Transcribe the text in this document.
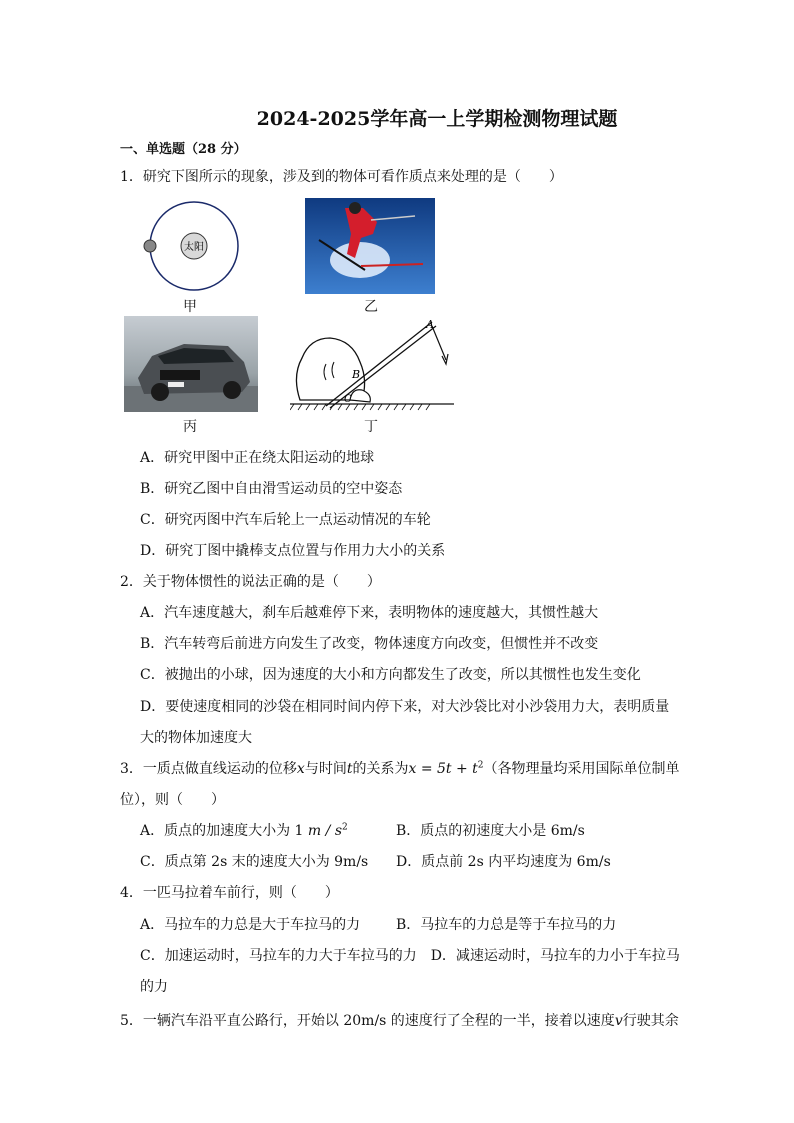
2024-2025学年高一上学期检测物理试题
一、单选题（28 分）
1．研究下图所示的现象，涉及到的物体可看作质点来处理的是（　　）
太阳
甲	乙
丙
A
B
C
丁
A．研究甲图中正在绕太阳运动的地球
B．研究乙图中自由滑雪运动员的空中姿态
C．研究丙图中汽车后轮上一点运动情况的车轮
D．研究丁图中撬棒支点位置与作用力大小的关系
2．关于物体惯性的说法正确的是（　　）
A．汽车速度越大，刹车后越难停下来，表明物体的速度越大，其惯性越大
B．汽车转弯后前进方向发生了改变，物体速度方向改变，但惯性并不改变
C．被抛出的小球，因为速度的大小和方向都发生了改变，所以其惯性也发生变化
D．要使速度相同的沙袋在相同时间内停下来，对大沙袋比对小沙袋用力大，表明质量
大的物体加速度大
3．一质点做直线运动的位移x与时间t的关系为$x = 5t + t^2$（各物理量均采用国际单位制单
位），则（　　）
A．质点的加速度大小为 1 m / $s^2$	B．质点的初速度大小是 6m/s
C．质点第 2s 末的速度大小为 9m/s D．质点前 2s 内平均速度为 6m/s
4．一匹马拉着车前行，则（　　）
A．马拉车的力总是大于车拉马的力	B．马拉车的力总是等于车拉马的力
C．加速运动时，马拉车的力大于车拉马的力　D．减速运动时，马拉车的力小于车拉马
的力
5．一辆汽车沿平直公路行，开始以 20m/s 的速度行了全程的一半，接着以速度v行驶其余
